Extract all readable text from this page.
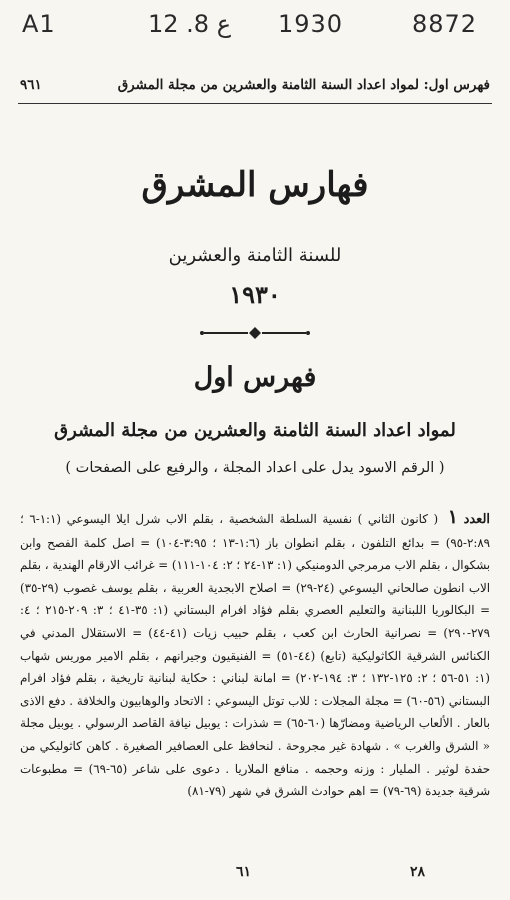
A1	12 .8 ع 1930	8872
فهرس اول: لمواد اعداد السنة الثامنة والعشرين من مجلة المشرق
٩٦١
فهارس المشرق
للسنة الثامنة والعشرين
١٩٣٠
فهرس اول
لمواد اعداد السنة الثامنة والعشرين من مجلة المشرق
( الرقم الاسود يدل على اعداد المجلة ، والرفيع على الصفحات )
العدد ١ ( كانون الثاني ) نفسية السلطة الشخصية ، بقلم الاب شرل ايلا اليسوعي (١:١-٦ ؛ ٢:٨٩-٩٥) = بدائع التلفون ، بقلم انطوان باز (١:٦-١٣ ؛ ٣:٩٥-١٠٤) = اصل كلمة الفصح وابن بشكوال ، بقلم الاب مرمرجي الدومنيكي (١: ١٣-٢٤ ؛ ٢: ١٠٤-١١١) = غرائب الارقام الهندية ، بقلم الاب انطون صالحاني اليسوعي (٢٤-٢٩) = اصلاح الابجدية العربية ، بقلم يوسف غصوب (٢٩-٣٥) = البكالوريا اللبنانية والتعليم العصري بقلم فؤاد افرام البستاني (١: ٣٥-٤١ ؛ ٣: ٢٠٩-٢١٥ ؛ ٤: ٢٧٩-٢٩٠) = نصرانية الحارث ابن كعب ، بقلم حبيب زيات (٤١-٤٤) = الاستقلال المدني في الكنائس الشرقية الكاثوليكية (تابع) (٤٤-٥١) = الفنيقيون وجيرانهم ، بقلم الامير موريس شهاب (١: ٥١-٥٦ ؛ ٢: ١٢٥-١٣٢ ؛ ٣: ١٩٤-٢٠٢) = امانة لبناني : حكاية لبنانية تاريخية ، بقلم فؤاد افرام البستاني (٥٦-٦٠) = مجلة المجلات : للاب توتل اليسوعي : الاتحاد والوهابيون والخلافة . دفع الاذى بالعار . الألعاب الرياضية ومضارّها (٦٠-٦٥) = شذرات : يوبيل نيافة القاصد الرسولي . يوبيل مجلة « الشرق والغرب » . شهادة غير مجروحة . لنحافظ على العصافير الصغيرة . كاهن كاثوليكي من حفدة لوثير . المليار : وزنه وحجمه . منافع الملاريا . دعوى على شاعر (٦٥-٦٩) = مطبوعات شرقية جديدة (٦٩-٧٩) = اهم حوادث الشرق في شهر (٧٩-٨١)
٦١	٢٨
